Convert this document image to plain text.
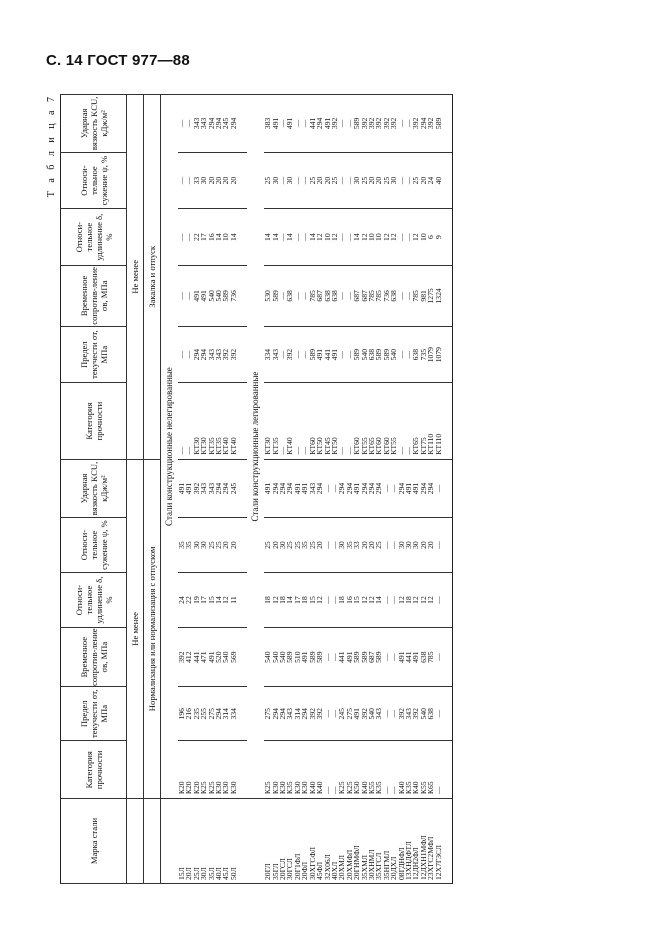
С. 14 ГОСТ 977—88
Т а б л и ц а 7
Марка стали	Категория прочности	Предел текучести σт, МПа	Временное сопротив-ление σв, МПа	Относи-тельное удлинение δ, %	Относи-тельное сужение ψ, %	Ударная вязкость KCU, кДж/м²	Категория прочности	Предел текучести σт, МПа	Временное сопротив-ление σв, МПа	Относи-тельное удлинение δ, %	Относи-тельное сужение ψ, %	Ударная вязкость KCU, кДж/м²
	Не менее						Не менее					
	Нормализация или нормализация с отпуском						Закалка и отпуск					
	Стали конструкционные нелегированные											
15Л	К20	196	392	24	35	491	—	—	—	—	—	—
20Л	К20	216	412	22	35	491	—	—	—	—	—	—
25Л	К20	235	441	19	30	392	КТ30	294	491	22	33	343
30Л	К25	255	471	17	30	343	КТ30	294	491	17	30	343
35Л	К25	275	491	15	25	343	КТ35	343	540	16	20	294
40Л	К30	294	520	14	25	294	КТ35	343	540	14	20	294
45Л	К30	314	540	12	20	294	КТ40	392	589	10	20	245
50Л	К30	334	569	11	20	245	КТ40	392	736	14	20	294

	Стали конструкционные легированные											
20ГЛ	К25	275	540	18	25	491	КТ30	334	530	14	25	383
35ГЛ	К30	294	540	12	20	294	КТ35	343	589	14	30	491
20ГСЛ	К30	294	540	18	30	294	—	—	—	—	—	—
30ГСЛ	К35	343	589	14	25	294	КТ40	392	638	14	30	491
20Г1ФЛ	К30	314	510	17	25	491	—	—	—	—	—	—
20ФЛ	К30	294	491	18	35	491	—	—	—	—	—	—
30ХГСФЛ	К40	392	589	15	25	343	КТ60	589	785	14	25	441
45ФЛ	К40	392	589	12	20	294	КТ50	491	687	12	20	294
32Х06Л	—	—	—	—	—	—	КТ45	441	638	10	20	491
40ХЛ	—	—	—	—	—	—	КТ50	491	638	12	25	392
20ХМЛ	К25	245	441	18	30	294	—	—	—	—	—	—
20ХМФЛ	К25	275	491	16	35	294	—	—	—	—	—	—
20ГНМФЛ	К50	491	589	15	33	491	КТ60	589	687	14	30	589
35ХМЛ	К40	392	589	12	20	294	КТ55	540	687	12	25	392
30ХНМЛ	К55	540	687	12	20	294	КТ65	638	785	10	20	392
35ХГСЛ	К35	343	589	14	25	294	КТ60	589	785	10	20	392
35НГМЛ	—	—	—	—	—	—	КТ60	589	736	12	25	392
20ДХЛ	—	—	—	—	—	—	КТ55	540	638	12	30	392
08ГДНФЛ	К40	392	491	12	30	294	—	—	—	—	—	—
13ХНДФТЛ	К35	343	441	18	30	491	—	—	—	—	—	—
12ДН2ФЛ	К40	392	491	12	30	491	КТ65	638	785	12	25	392
12ДХН1МФЛ	К55	540	638	12	20	294	КТ75	735	981	10	20	294
23ХГС2МФЛ	К65	638	785	12	20	294	КТ110	1079	1275	6	24	392
12Х7Г3СЛ	—	—	—	—	—	—	КТ110	1079	1324	9	40	589
